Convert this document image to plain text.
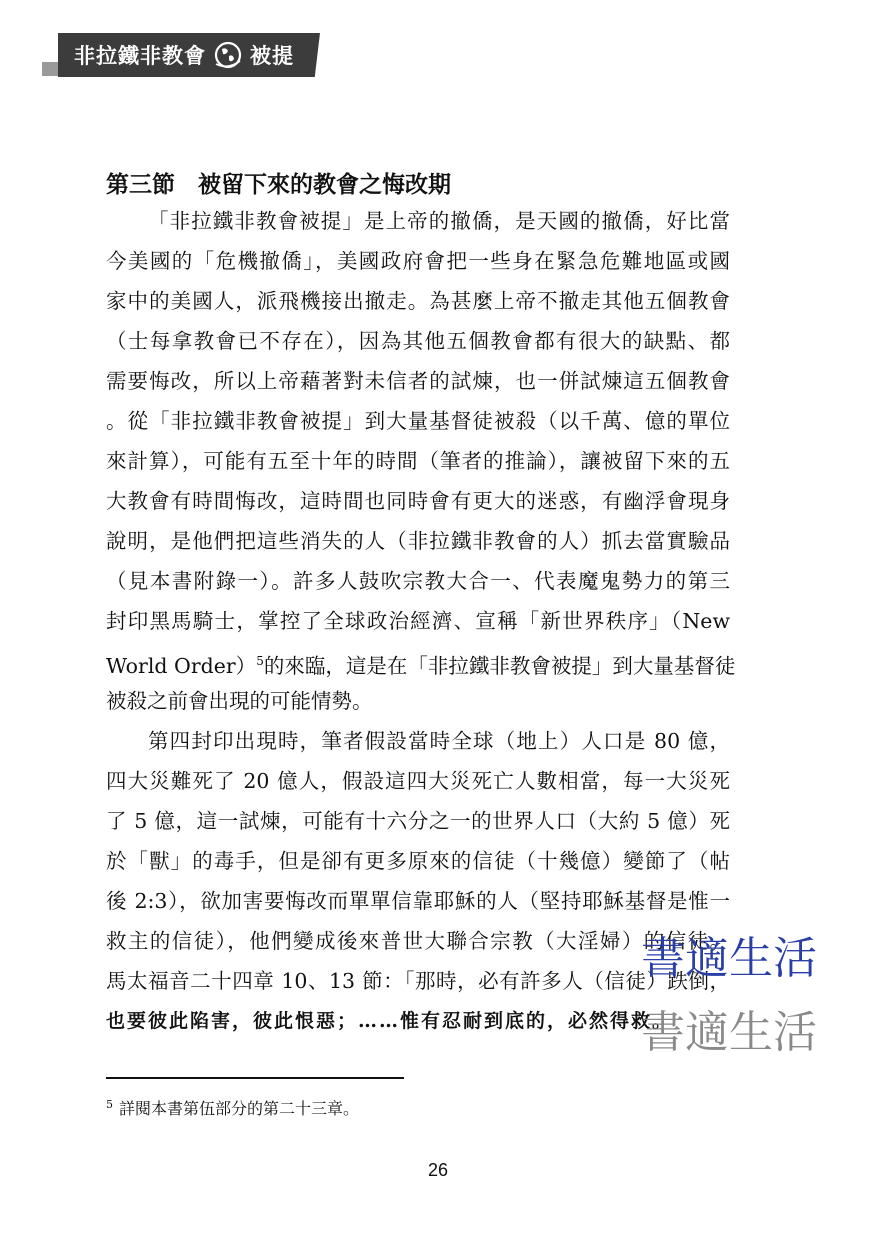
非拉鐵非教會 被提
第三節　被留下來的教會之悔改期
「非拉鐵非教會被提」是上帝的撤僑，是天國的撤僑，好比當
今美國的「危機撤僑」，美國政府會把一些身在緊急危難地區或國
家中的美國人，派飛機接出撤走。為甚麼上帝不撤走其他五個教會
（士每拿教會已不存在），因為其他五個教會都有很大的缺點、都
需要悔改，所以上帝藉著對未信者的試煉，也一併試煉這五個教會
。從「非拉鐵非教會被提」到大量基督徒被殺（以千萬、億的單位
來計算），可能有五至十年的時間（筆者的推論），讓被留下來的五
大教會有時間悔改，這時間也同時會有更大的迷惑，有幽浮會現身
說明，是他們把這些消失的人（非拉鐵非教會的人）抓去當實驗品
（見本書附錄一）。許多人鼓吹宗教大合一、代表魔鬼勢力的第三
封印黑馬騎士，掌控了全球政治經濟、宣稱「新世界秩序」（New
World Order）$^5$的來臨，這是在「非拉鐵非教會被提」到大量基督徒
被殺之前會出現的可能情勢。
第四封印出現時，筆者假設當時全球（地上）人口是 80 億，
四大災難死了 20 億人，假設這四大災死亡人數相當，每一大災死
了 5 億，這一試煉，可能有十六分之一的世界人口（大約 5 億）死
於「獸」的毒手，但是卻有更多原來的信徒（十幾億）變節了（帖
後 2:3），欲加害要悔改而單單信靠耶穌的人（堅持耶穌基督是惟一
救主的信徒），他們變成後來普世大聯合宗教（大淫婦）的信徒。
馬太福音二十四章 10、13 節：「那時，必有許多人（信徒）跌倒，
也要彼此陷害，彼此恨惡；……惟有忍耐到底的，必然得救。
書適生活
書適生活
$^5$ 詳閱本書第伍部分的第二十三章。
26
